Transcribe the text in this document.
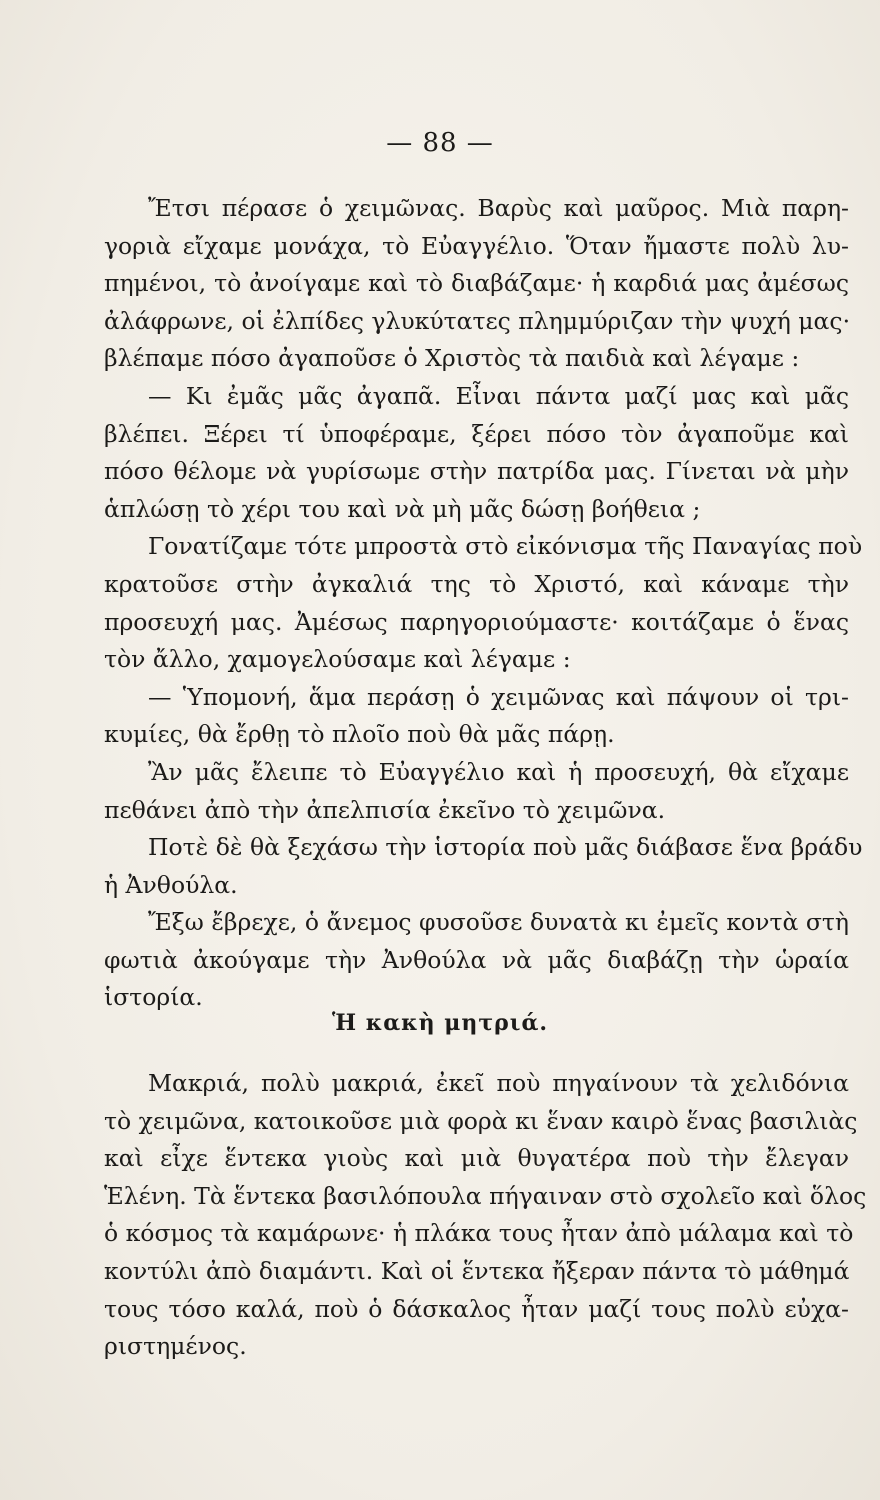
— 88 —
Ἔτσι πέρασε ὁ χειμῶνας. Βαρὺς καὶ μαῦρος. Μιὰ παρη-
γοριὰ εἴχαμε μονάχα, τὸ Εὐαγγέλιο. Ὅταν ἤμαστε πολὺ λυ-
πημένοι, τὸ ἀνοίγαμε καὶ τὸ διαβάζαμε· ἡ καρδιά μας ἀμέσως
ἀλάφρωνε, οἱ ἐλπίδες γλυκύτατες πλημμύριζαν τὴν ψυχή μας·
βλέπαμε πόσο ἀγαποῦσε ὁ Χριστὸς τὰ παιδιὰ καὶ λέγαμε :
— Κι ἐμᾶς μᾶς ἀγαπᾶ. Εἶναι πάντα μαζί μας καὶ μᾶς
βλέπει. Ξέρει τί ὑποφέραμε, ξέρει πόσο τὸν ἀγαποῦμε καὶ
πόσο θέλομε νὰ γυρίσωμε στὴν πατρίδα μας. Γίνεται νὰ μὴν
ἁπλώσῃ τὸ χέρι του καὶ νὰ μὴ μᾶς δώσῃ βοήθεια ;
Γονατίζαμε τότε μπροστὰ στὸ εἰκόνισμα τῆς Παναγίας ποὺ
κρατοῦσε στὴν ἀγκαλιά της τὸ Χριστό, καὶ κάναμε τὴν
προσευχή μας. Ἀμέσως παρηγοριούμαστε· κοιτάζαμε ὁ ἕνας
τὸν ἄλλο, χαμογελούσαμε καὶ λέγαμε :
— Ὑπομονή, ἅμα περάσῃ ὁ χειμῶνας καὶ πάψουν οἱ τρι-
κυμίες, θὰ ἔρθῃ τὸ πλοῖο ποὺ θὰ μᾶς πάρῃ.
Ἂν μᾶς ἔλειπε τὸ Εὐαγγέλιο καὶ ἡ προσευχή, θὰ εἴχαμε
πεθάνει ἀπὸ τὴν ἀπελπισία ἐκεῖνο τὸ χειμῶνα.
Ποτὲ δὲ θὰ ξεχάσω τὴν ἱστορία ποὺ μᾶς διάβασε ἕνα βράδυ
ἡ Ἀνθούλα.
Ἔξω ἔβρεχε, ὁ ἄνεμος φυσοῦσε δυνατὰ κι ἐμεῖς κοντὰ στὴ
φωτιὰ ἀκούγαμε τὴν Ἀνθούλα νὰ μᾶς διαβάζῃ τὴν ὡραία
ἱστορία.
Ἡ κακὴ μητριά.
Μακριά, πολὺ μακριά, ἐκεῖ ποὺ πηγαίνουν τὰ χελιδόνια
τὸ χειμῶνα, κατοικοῦσε μιὰ φορὰ κι ἕναν καιρὸ ἕνας βασιλιὰς
καὶ εἶχε ἕντεκα γιοὺς καὶ μιὰ θυγατέρα ποὺ τὴν ἔλεγαν
Ἑλένη. Τὰ ἕντεκα βασιλόπουλα πήγαιναν στὸ σχολεῖο καὶ ὅλος
ὁ κόσμος τὰ καμάρωνε· ἡ πλάκα τους ἦταν ἀπὸ μάλαμα καὶ τὸ
κοντύλι ἀπὸ διαμάντι. Καὶ οἱ ἕντεκα ἤξεραν πάντα τὸ μάθημά
τους τόσο καλά, ποὺ ὁ δάσκαλος ἦταν μαζί τους πολὺ εὐχα-
ριστημένος.
